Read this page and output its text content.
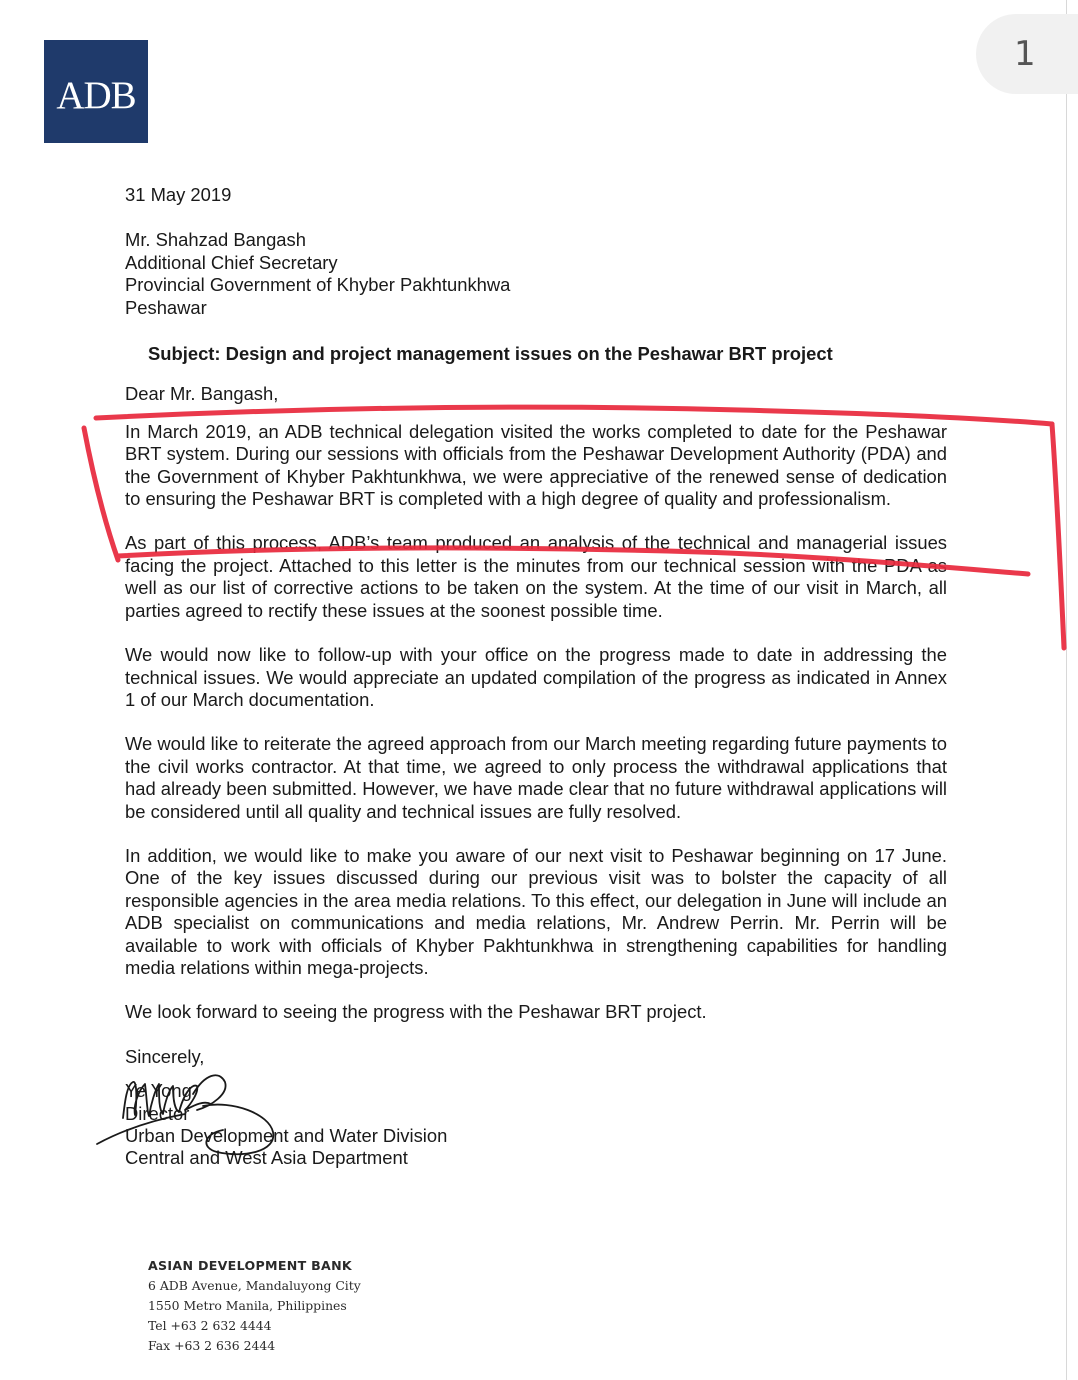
ADB
1
31 May 2019
Mr. Shahzad Bangash
Additional Chief Secretary
Provincial Government of Khyber Pakhtunkhwa
Peshawar
Subject: Design and project management issues on the Peshawar BRT project
Dear Mr. Bangash,

In March 2019, an ADB technical delegation visited the works completed to date for the Peshawar BRT system. During our sessions with officials from the Peshawar Development Authority (PDA) and the Government of Khyber Pakhtunkhwa, we were appreciative of the renewed sense of dedication to ensuring the Peshawar BRT is completed with a high degree of quality and professionalism.

As part of this process, ADB’s team produced an analysis of the technical and managerial issues facing the project. Attached to this letter is the minutes from our technical session with the PDA as well as our list of corrective actions to be taken on the system. At the time of our visit in March, all parties agreed to rectify these issues at the soonest possible time.

We would now like to follow-up with your office on the progress made to date in addressing the technical issues. We would appreciate an updated compilation of the progress as indicated in Annex 1 of our March documentation.

We would like to reiterate the agreed approach from our March meeting regarding future payments to the civil works contractor. At that time, we agreed to only process the withdrawal applications that had already been submitted. However, we have made clear that no future withdrawal applications will be considered until all quality and technical issues are fully resolved.

In addition, we would like to make you aware of our next visit to Peshawar beginning on 17 June. One of the key issues discussed during our previous visit was to bolster the capacity of all responsible agencies in the area media relations. To this effect, our delegation in June will include an ADB specialist on communications and media relations, Mr. Andrew Perrin. Mr. Perrin will be available to work with officials of Khyber Pakhtunkhwa in strengthening capabilities for handling media relations within mega-projects.

We look forward to seeing the progress with the Peshawar BRT project.

Sincerely,
Ye Yong
Director
Urban Development and Water Division
Central and West Asia Department
ASIAN DEVELOPMENT BANK
6 ADB Avenue, Mandaluyong City
1550 Metro Manila, Philippines
Tel +63 2 632 4444
Fax +63 2 636 2444
